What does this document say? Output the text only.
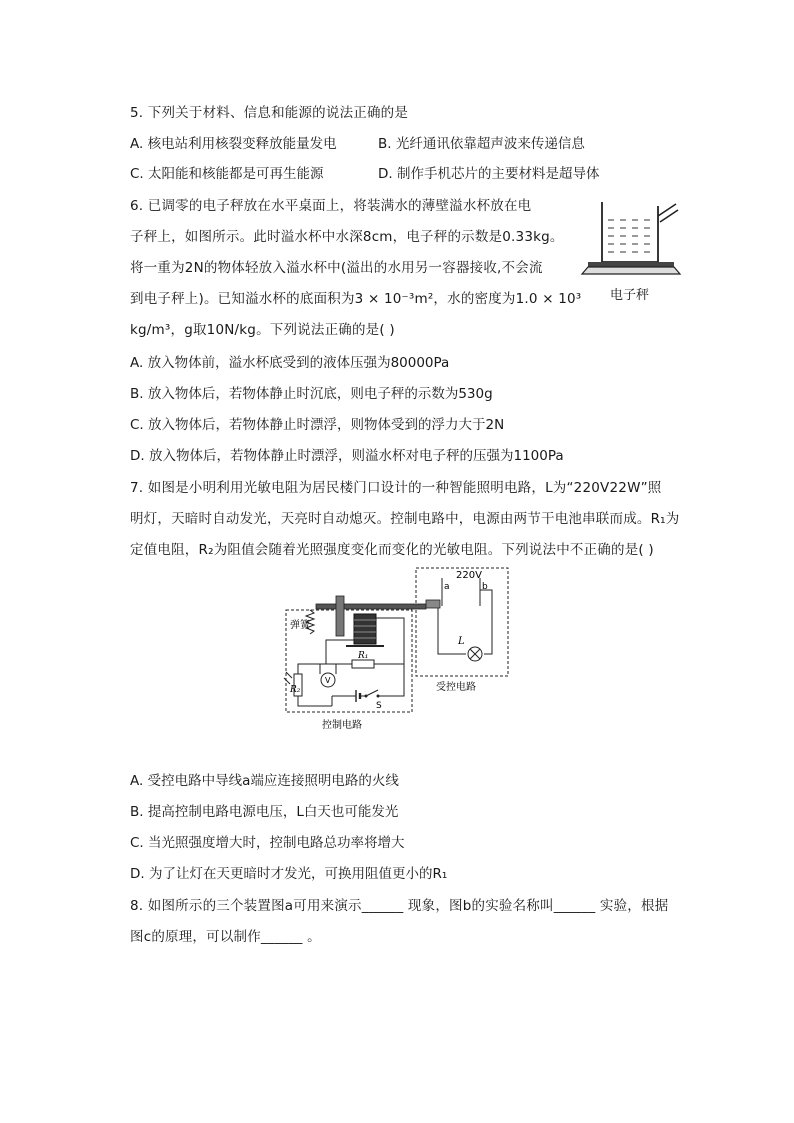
5. 下列关于材料、信息和能源的说法正确的是
A. 核电站利用核裂变释放能量发电	B. 光纤通讯依靠超声波来传递信息
C. 太阳能和核能都是可再生能源	D. 制作手机芯片的主要材料是超导体
6. 已调零的电子秤放在水平桌面上，将装满水的薄壁溢水杯放在电
子秤上，如图所示。此时溢水杯中水深8cm，电子秤的示数是0.33kg。
将一重为2N的物体轻放入溢水杯中(溢出的水用另一容器接收,不会流
到电子秤上)。已知溢水杯的底面积为3 × 10⁻³m²，水的密度为1.0 × 10³
kg/m³，g取10N/kg。下列说法正确的是( )
电子秤
A. 放入物体前，溢水杯底受到的液体压强为80000Pa
B. 放入物体后，若物体静止时沉底，则电子秤的示数为530g
C. 放入物体后，若物体静止时漂浮，则物体受到的浮力大于2N
D. 放入物体后，若物体静止时漂浮，则溢水杯对电子秤的压强为1100Pa
7. 如图是小明利用光敏电阻为居民楼门口设计的一种智能照明电路，L为“220V22W”照
明灯，天暗时自动发光，天亮时自动熄灭。控制电路中，电源由两节干电池串联而成。R₁为
定值电阻，R₂为阻值会随着光照强度变化而变化的光敏电阻。下列说法中不正确的是( )
220V
a	b
弹簧
L
R₁
R₂
V
S
受控电路
控制电路
A. 受控电路中导线a端应连接照明电路的火线
B. 提高控制电路电源电压，L白天也可能发光
C. 当光照强度增大时，控制电路总功率将增大
D. 为了让灯在天更暗时才发光，可换用阻值更小的R₁
8. 如图所示的三个装置图a可用来演示______ 现象，图b的实验名称叫______ 实验，根据
图c的原理，可以制作______ 。
